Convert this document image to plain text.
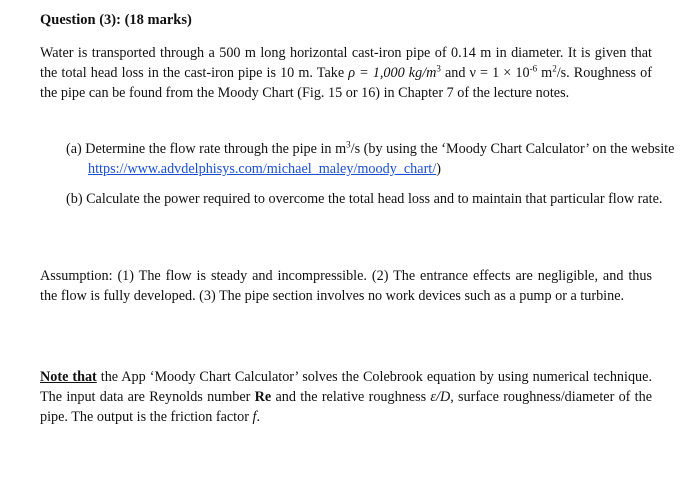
Question (3): (18 marks)
Water is transported through a 500 m long horizontal cast-iron pipe of 0.14 m in diameter. It is given that the total head loss in the cast-iron pipe is 10 m. Take ρ = 1,000 $kg/m^3$ and $\nu = 1 \times 10^{-6}$ $m^2/s$. Roughness of the pipe can be found from the Moody Chart (Fig. 15 or 16) in Chapter 7 of the lecture notes.
(a) Determine the flow rate through the pipe in $m^3/s$ (by using the ‘Moody Chart Calculator’ on the website https://www.advdelphisys.com/michael_maley/moody_chart/)
(b) Calculate the power required to overcome the total head loss and to maintain that particular flow rate.
Assumption: (1) The flow is steady and incompressible. (2) The entrance effects are negligible, and thus the flow is fully developed. (3) The pipe section involves no work devices such as a pump or a turbine.
Note that the App ‘Moody Chart Calculator’ solves the Colebrook equation by using numerical technique. The input data are Reynolds number Re and the relative roughness ε/D, surface roughness/diameter of the pipe. The output is the friction factor f.
